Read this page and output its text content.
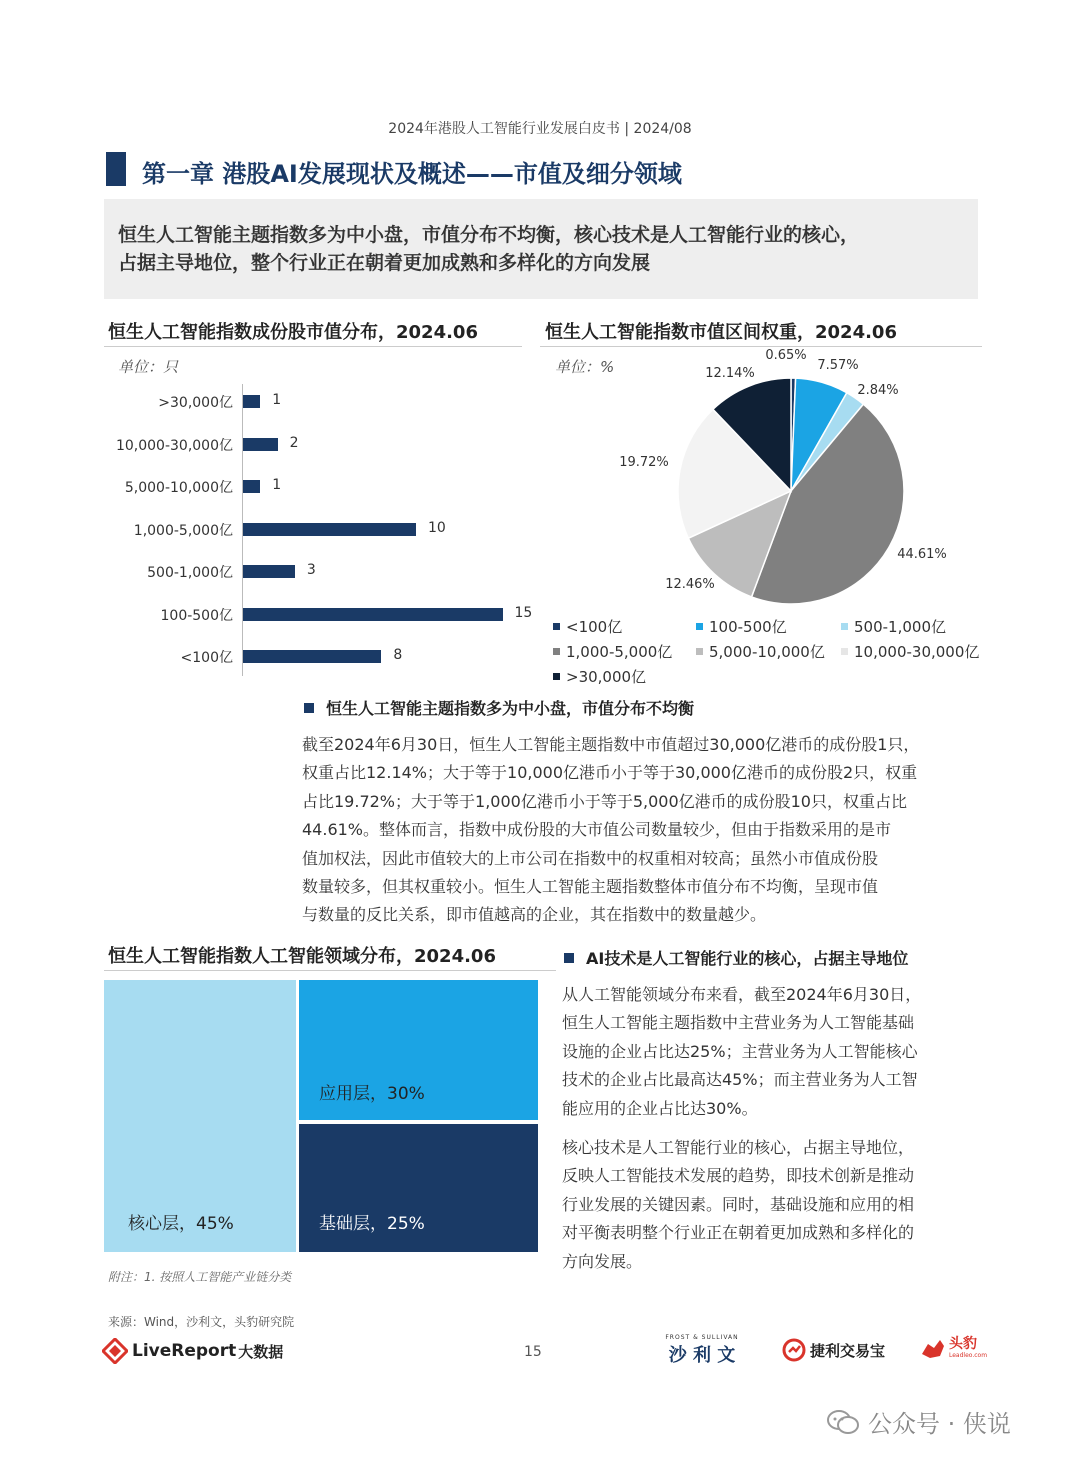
2024年港股人工智能行业发展白皮书 | 2024/08
第一章 港股AI发展现状及概述——市值及细分领域
恒生人工智能主题指数多为中小盘，市值分布不均衡，核心技术是人工智能行业的核心，
占据主导地位，整个行业正在朝着更加成熟和多样化的方向发展
恒生人工智能指数成份股市值分布，2024.06
单位：只
>30,000亿	1
10,000-30,000亿	2
5,000-10,000亿	1
1,000-5,000亿	10
500-1,000亿	3
100-500亿	15
<100亿	8
恒生人工智能指数市值区间权重，2024.06
单位：%
0.65%
7.57%
2.84%
44.61%
12.46%
19.72%
12.14%
<100亿	100-500亿	500-1,000亿
1,000-5,000亿 5,000-10,000亿 10,000-30,000亿
>30,000亿
恒生人工智能主题指数多为中小盘，市值分布不均衡
截至2024年6月30日，恒生人工智能主题指数中市值超过30,000亿港币的成份股1只，
权重占比12.14%；大于等于10,000亿港币小于等于30,000亿港币的成份股2只，权重
占比19.72%；大于等于1,000亿港币小于等于5,000亿港币的成份股10只，权重占比
44.61%。整体而言，指数中成份股的大市值公司数量较少，但由于指数采用的是市
值加权法，因此市值较大的上市公司在指数中的权重相对较高；虽然小市值成份股
数量较多，但其权重较小。恒生人工智能主题指数整体市值分布不均衡，呈现市值
与数量的反比关系，即市值越高的企业，其在指数中的数量越少。
恒生人工智能指数人工智能领域分布，2024.06
核心层，45%
应用层，30%
基础层，25%
附注：1. 按照人工智能产业链分类
AI技术是人工智能行业的核心，占据主导地位
从人工智能领域分布来看，截至2024年6月30日，
恒生人工智能主题指数中主营业务为人工智能基础
设施的企业占比达25%；主营业务为人工智能核心
技术的企业占比最高达45%；而主营业务为人工智
能应用的企业占比达30%。
核心技术是人工智能行业的核心，占据主导地位，
反映人工智能技术发展的趋势，即技术创新是推动
行业发展的关键因素。同时，基础设施和应用的相
对平衡表明整个行业正在朝着更加成熟和多样化的
方向发展。
来源：Wind，沙利文，头豹研究院
LiveReport 大数据	15
FROST & SULLIVAN
沙 利 文	捷利交易宝	头豹
Leadleo.com
公众号 · 侠说
